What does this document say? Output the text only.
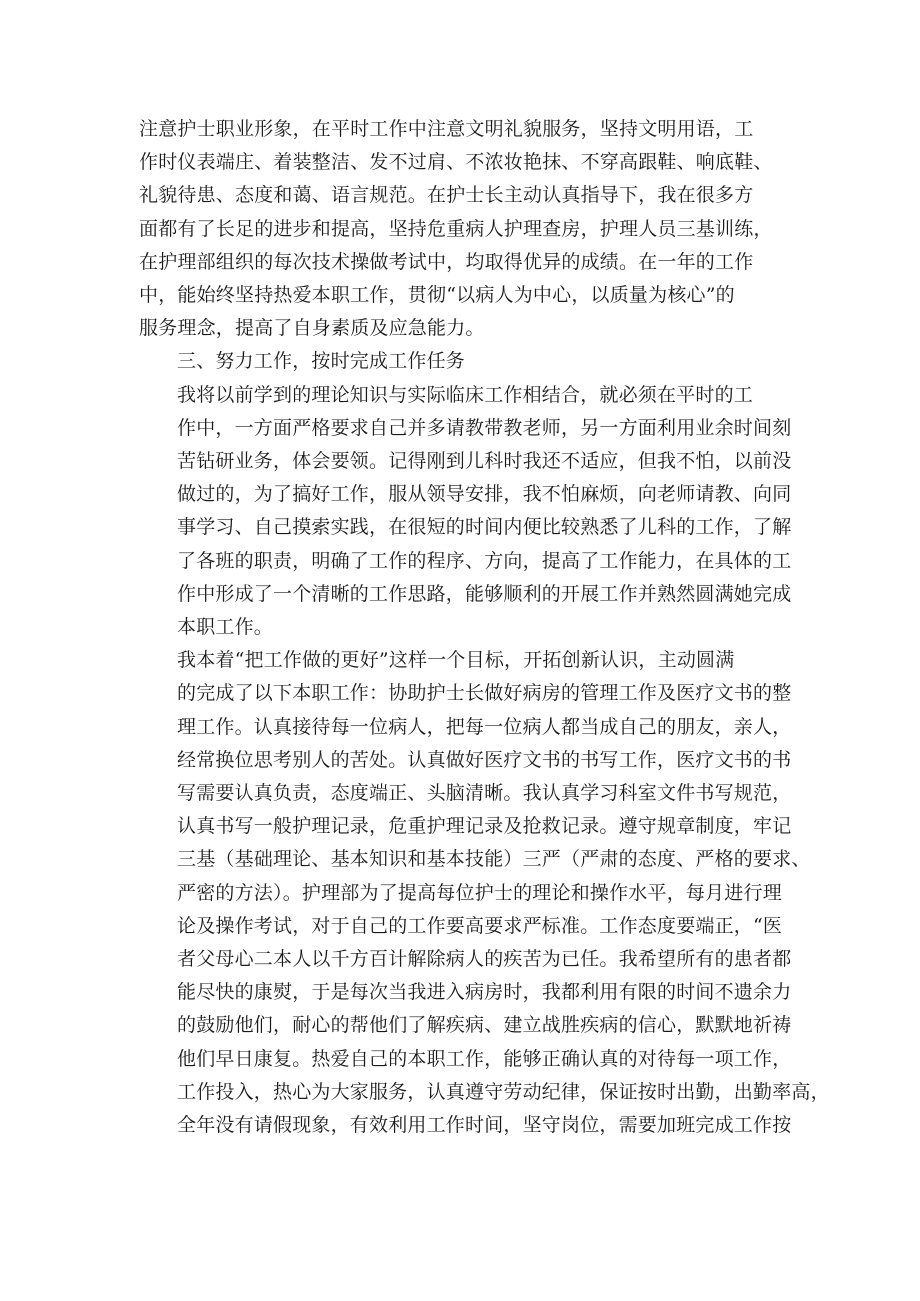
注意护士职业形象，在平时工作中注意文明礼貌服务，坚持文明用语，工
作时仪表端庄、着装整洁、发不过肩、不浓妆艳抹、不穿高跟鞋、响底鞋、
礼貌待患、态度和蔼、语言规范。在护士长主动认真指导下，我在很多方
面都有了长足的进步和提高，坚持危重病人护理查房，护理人员三基训练，
在护理部组织的每次技术操做考试中，均取得优异的成绩。在一年的工作
中，能始终坚持热爱本职工作，贯彻“以病人为中心，以质量为核心”的
服务理念，提高了自身素质及应急能力。

三、努力工作，按时完成工作任务

我将以前学到的理论知识与实际临床工作相结合，就必须在平时的工
作中，一方面严格要求自己并多请教带教老师，另一方面利用业余时间刻
苦钻研业务，体会要领。记得刚到儿科时我还不适应，但我不怕，以前没
做过的，为了搞好工作，服从领导安排，我不怕麻烦，向老师请教、向同
事学习、自己摸索实践，在很短的时间内便比较熟悉了儿科的工作，了解
了各班的职责，明确了工作的程序、方向，提高了工作能力，在具体的工
作中形成了一个清晰的工作思路，能够顺利的开展工作并熟然圆满她完成
本职工作。

我本着“把工作做的更好”这样一个目标，开拓创新认识，主动圆满
的完成了以下本职工作：协助护士长做好病房的管理工作及医疗文书的整
理工作。认真接待每一位病人，把每一位病人都当成自己的朋友，亲人，
经常换位思考别人的苦处。认真做好医疗文书的书写工作，医疗文书的书
写需要认真负责，态度端正、头脑清晰。我认真学习科室文件书写规范，
认真书写一般护理记录，危重护理记录及抢救记录。遵守规章制度，牢记
三基（基础理论、基本知识和基本技能）三严（严肃的态度、严格的要求、
严密的方法）。护理部为了提高每位护士的理论和操作水平，每月进行理
论及操作考试，对于自己的工作要高要求严标准。工作态度要端正，“医
者父母心二本人以千方百计解除病人的疾苦为已任。我希望所有的患者都
能尽快的康熨，于是每次当我进入病房时，我都利用有限的时间不遗余力
的鼓励他们，耐心的帮他们了解疾病、建立战胜疾病的信心，默默地祈祷
他们早日康复。热爱自己的本职工作，能够正确认真的对待每一项工作，
工作投入，热心为大家服务，认真遵守劳动纪律，保证按时出勤，出勤率高，
全年没有请假现象，有效利用工作时间，坚守岗位，需要加班完成工作按
